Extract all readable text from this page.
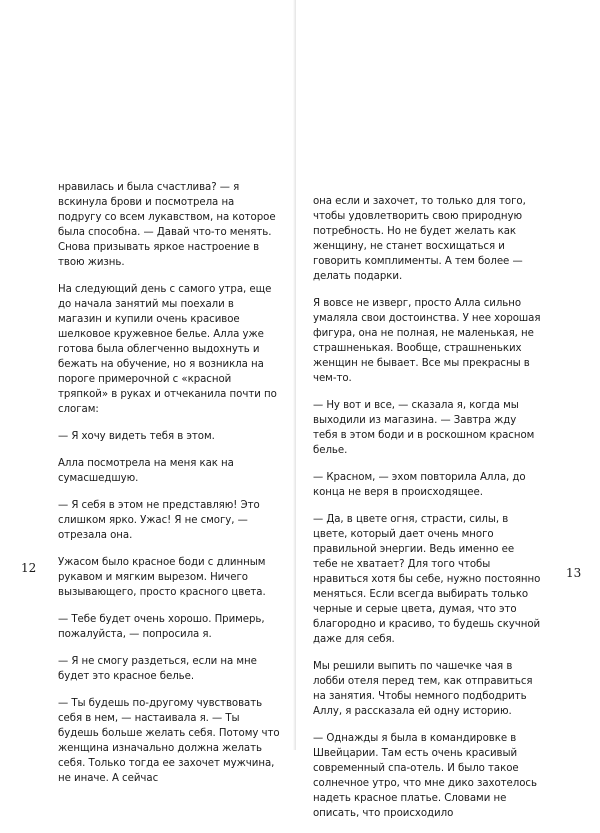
нравилась и была счастлива? — я вскинула брови и посмотрела на подругу со всем лукавством, на которое была способна. — Давай что-то менять. Снова призывать яркое настроение в твою жизнь.

На следующий день с самого утра, еще до начала занятий мы поехали в магазин и купили очень красивое шелковое кружевное белье. Алла уже готова была облегченно выдохнуть и бежать на обучение, но я возникла на пороге примерочной с «красной тряпкой» в руках и отчеканила почти по слогам:

— Я хочу видеть тебя в этом.

Алла посмотрела на меня как на сумасшедшую.

— Я себя в этом не представляю! Это слишком ярко. Ужас! Я не смогу, — отрезала она.

Ужасом было красное боди с длинным рукавом и мягким вырезом. Ничего вызывающего, просто красного цвета.

— Тебе будет очень хорошо. Примерь, пожалуйста, — попросила я.

— Я не смогу раздеться, если на мне будет это красное белье.

— Ты будешь по-другому чувствовать себя в нем, — настаивала я. — Ты будешь больше желать себя. Потому что женщина изначально должна желать себя. Только тогда ее захочет мужчина, не иначе. А сейчас

12

она если и захочет, то только для того, чтобы удовлетворить свою природную потребность. Но не будет желать как женщину, не станет восхищаться и говорить комплименты. А тем более — делать подарки.

Я вовсе не изверг, просто Алла сильно умаляла свои достоинства. У нее хорошая фигура, она не полная, не маленькая, не страшненькая. Вообще, страшненьких женщин не бывает. Все мы прекрасны в чем-то.

— Ну вот и все, — сказала я, когда мы выходили из магазина. — Завтра жду тебя в этом боди и в роскошном красном белье.

— Красном, — эхом повторила Алла, до конца не веря в происходящее.

— Да, в цвете огня, страсти, силы, в цвете, который дает очень много правильной энергии. Ведь именно ее тебе не хватает? Для того чтобы нравиться хотя бы себе, нужно постоянно меняться. Если всегда выбирать только черные и серые цвета, думая, что это благородно и красиво, то будешь скучной даже для себя.

Мы решили выпить по чашечке чая в лобби отеля перед тем, как отправиться на занятия. Чтобы немного подбодрить Аллу, я рассказала ей одну историю.

— Однажды я была в командировке в Швейцарии. Там есть очень красивый современный спа-отель. И было такое солнечное утро, что мне дико захотелось надеть красное платье. Словами не описать, что происходило

13
